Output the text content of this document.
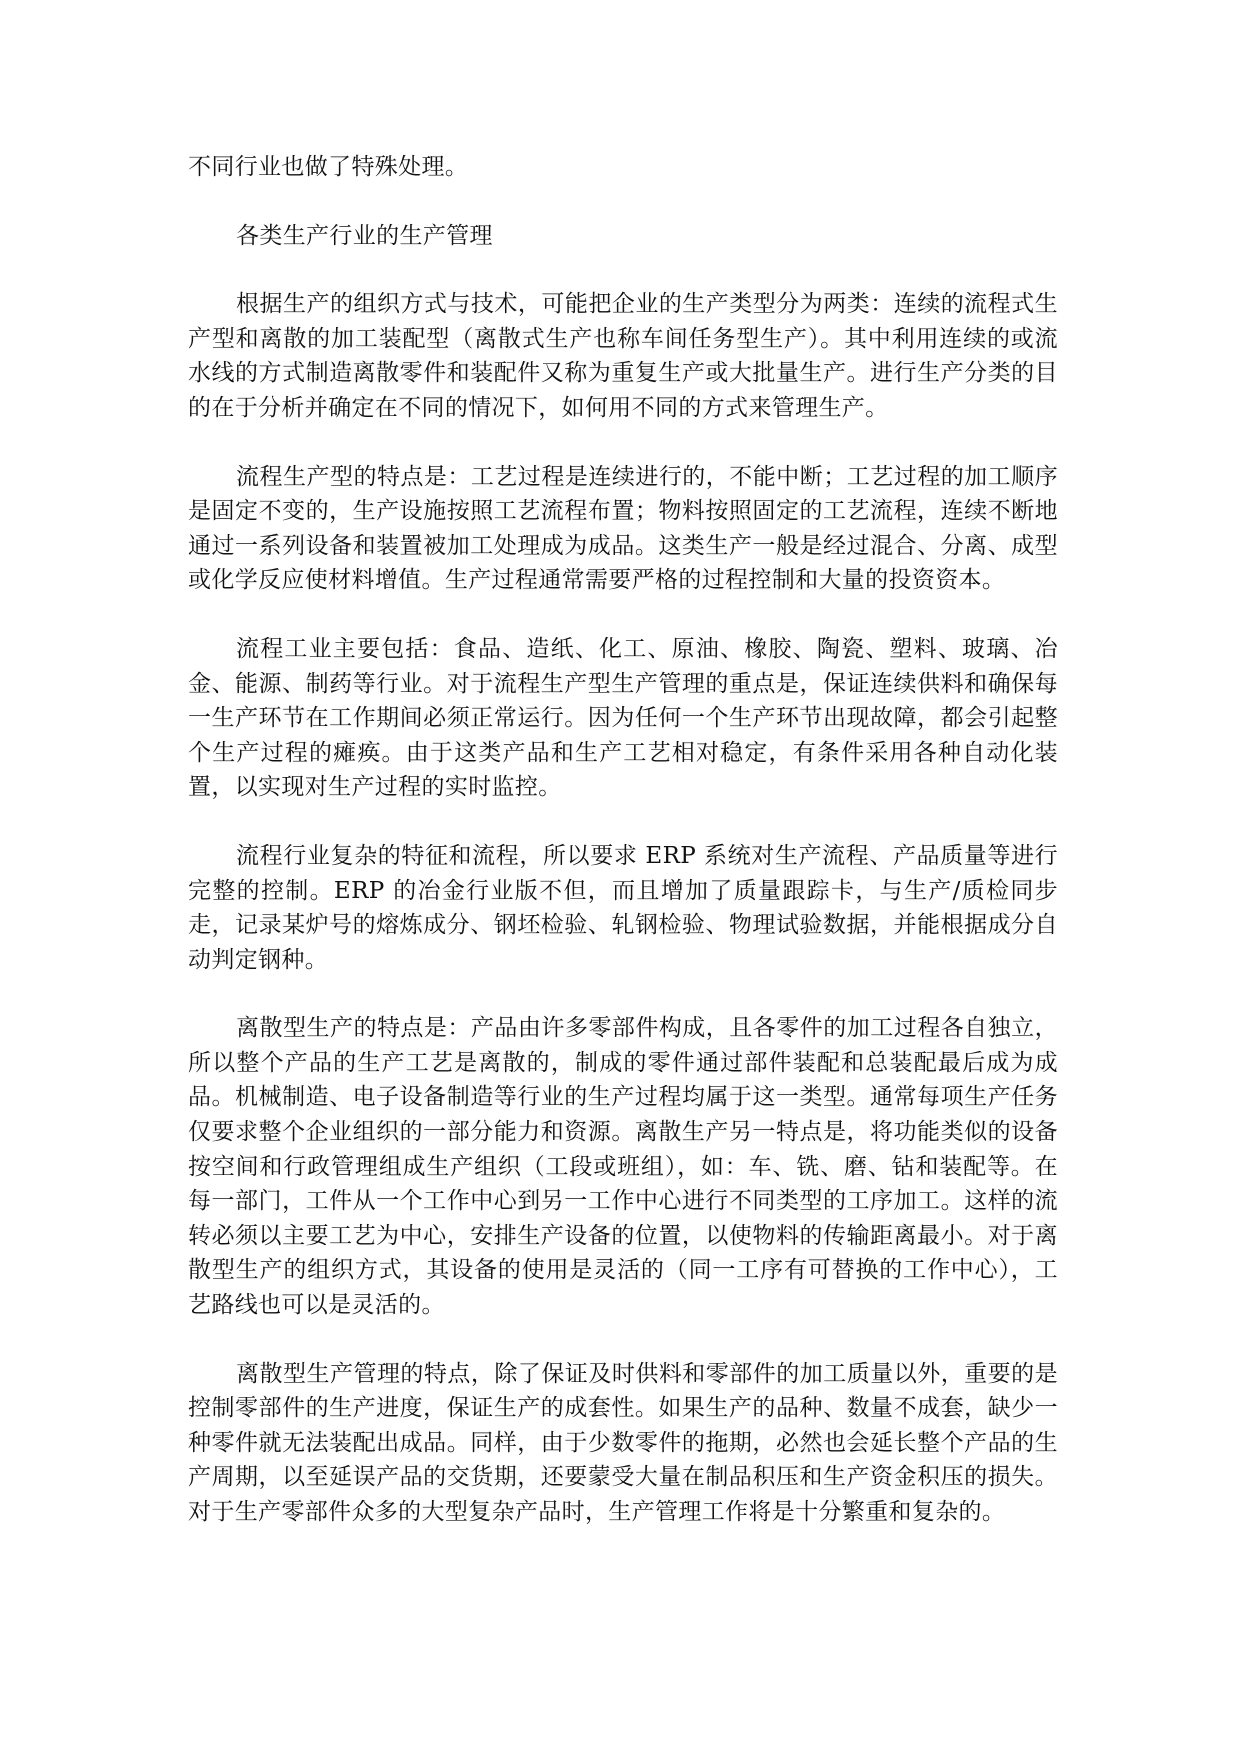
不同行业也做了特殊处理。

各类生产行业的生产管理

根据生产的组织方式与技术，可能把企业的生产类型分为两类：连续的流程式生产型和离散的加工装配型（离散式生产也称车间任务型生产）。其中利用连续的或流水线的方式制造离散零件和装配件又称为重复生产或大批量生产。进行生产分类的目的在于分析并确定在不同的情况下，如何用不同的方式来管理生产。

流程生产型的特点是：工艺过程是连续进行的，不能中断；工艺过程的加工顺序是固定不变的，生产设施按照工艺流程布置；物料按照固定的工艺流程，连续不断地通过一系列设备和装置被加工处理成为成品。这类生产一般是经过混合、分离、成型或化学反应使材料增值。生产过程通常需要严格的过程控制和大量的投资资本。

流程工业主要包括：食品、造纸、化工、原油、橡胶、陶瓷、塑料、玻璃、冶金、能源、制药等行业。对于流程生产型生产管理的重点是，保证连续供料和确保每一生产环节在工作期间必须正常运行。因为任何一个生产环节出现故障，都会引起整个生产过程的瘫痪。由于这类产品和生产工艺相对稳定，有条件采用各种自动化装置，以实现对生产过程的实时监控。

流程行业复杂的特征和流程，所以要求 ERP 系统对生产流程、产品质量等进行完整的控制。ERP 的冶金行业版不但，而且增加了质量跟踪卡，与生产/质检同步走，记录某炉号的熔炼成分、钢坯检验、轧钢检验、物理试验数据，并能根据成分自动判定钢种。

离散型生产的特点是：产品由许多零部件构成，且各零件的加工过程各自独立，所以整个产品的生产工艺是离散的，制成的零件通过部件装配和总装配最后成为成品。机械制造、电子设备制造等行业的生产过程均属于这一类型。通常每项生产任务仅要求整个企业组织的一部分能力和资源。离散生产另一特点是，将功能类似的设备按空间和行政管理组成生产组织（工段或班组），如：车、铣、磨、钻和装配等。在每一部门，工件从一个工作中心到另一工作中心进行不同类型的工序加工。这样的流转必须以主要工艺为中心，安排生产设备的位置，以使物料的传输距离最小。对于离散型生产的组织方式，其设备的使用是灵活的（同一工序有可替换的工作中心），工艺路线也可以是灵活的。

离散型生产管理的特点，除了保证及时供料和零部件的加工质量以外，重要的是控制零部件的生产进度，保证生产的成套性。如果生产的品种、数量不成套，缺少一种零件就无法装配出成品。同样，由于少数零件的拖期，必然也会延长整个产品的生产周期，以至延误产品的交货期，还要蒙受大量在制品积压和生产资金积压的损失。对于生产零部件众多的大型复杂产品时，生产管理工作将是十分繁重和复杂的。
